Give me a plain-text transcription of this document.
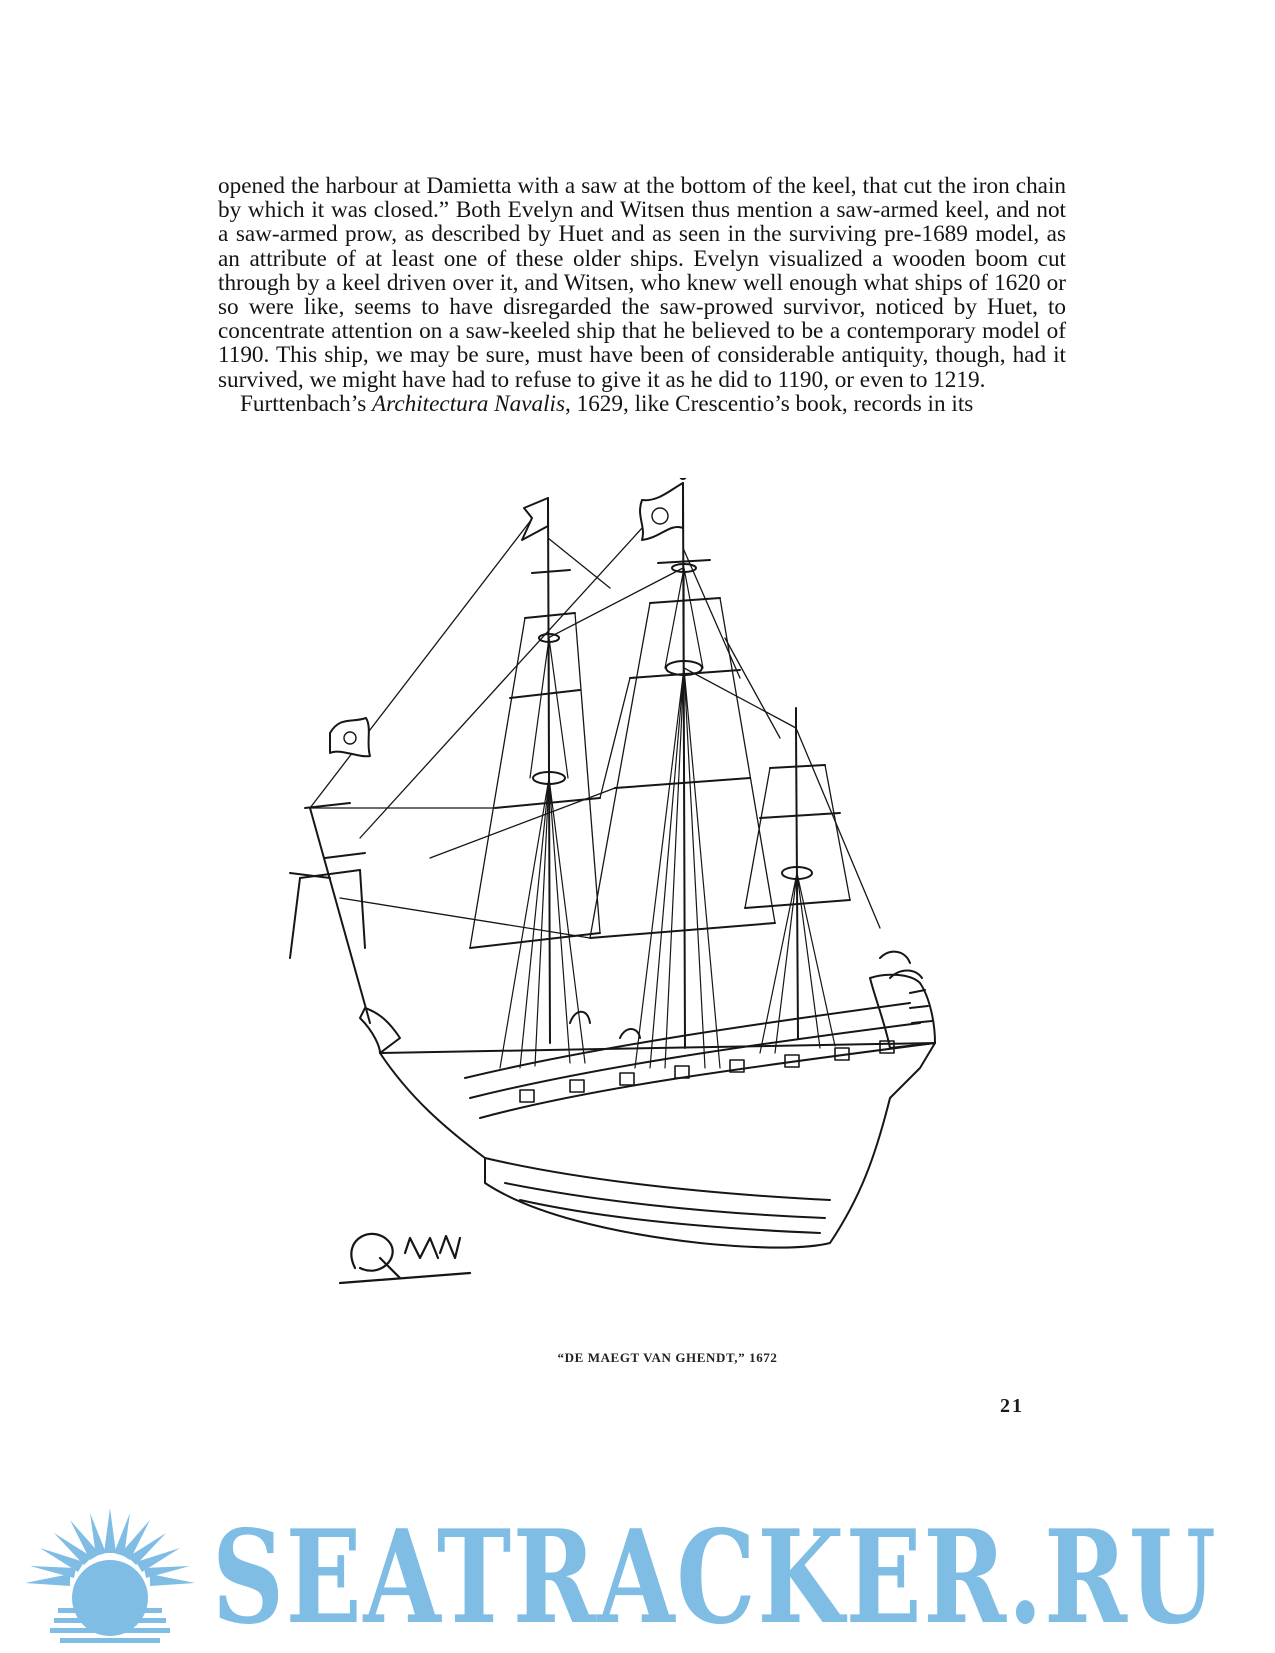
opened the harbour at Damietta with a saw at the bottom of the keel, that cut the iron chain by which it was closed.” Both Evelyn and Witsen thus mention a saw-armed keel, and not a saw-armed prow, as described by Huet and as seen in the surviving pre-1689 model, as an attribute of at least one of these older ships. Evelyn visualized a wooden boom cut through by a keel driven over it, and Witsen, who knew well enough what ships of 1620 or so were like, seems to have disregarded the saw-prowed survivor, noticed by Huet, to concentrate attention on a saw-keeled ship that he believed to be a contemporary model of 1190. This ship, we may be sure, must have been of considerable antiquity, though, had it survived, we might have had to refuse to give it as he did to 1190, or even to 1219.

Furttenbach’s Architectura Navalis, 1629, like Crescentio’s book, records in its

“DE MAEGT VAN GHENDT,” 1672
21
SEATRACKER.RU
